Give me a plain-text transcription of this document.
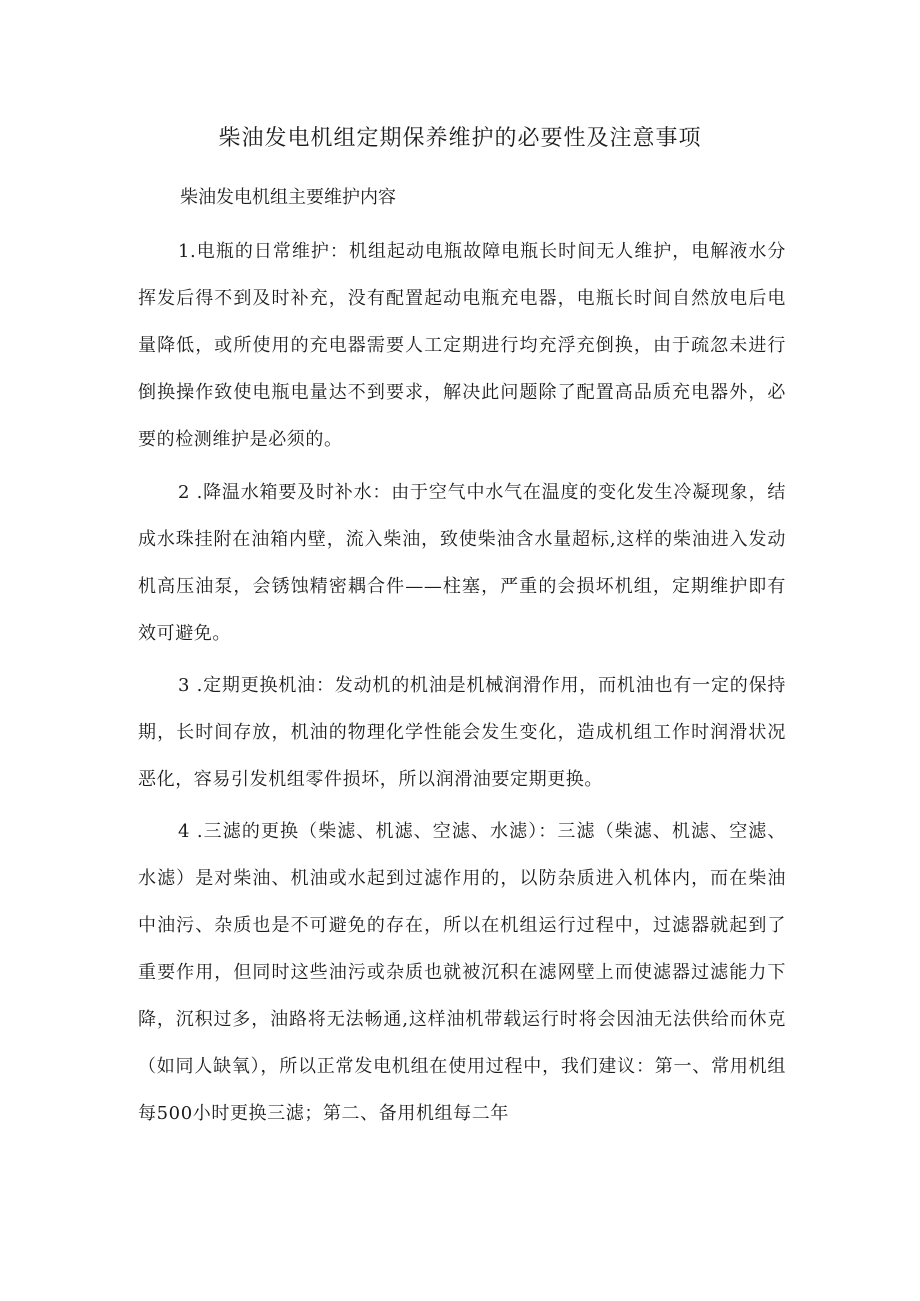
柴油发电机组定期保养维护的必要性及注意事项

柴油发电机组主要维护内容

1.电瓶的日常维护：机组起动电瓶故障电瓶长时间无人维护，电解液水分挥发后得不到及时补充，没有配置起动电瓶充电器，电瓶长时间自然放电后电量降低，或所使用的充电器需要人工定期进行均充浮充倒换，由于疏忽未进行倒换操作致使电瓶电量达不到要求，解决此问题除了配置高品质充电器外，必要的检测维护是必须的。

2 .降温水箱要及时补水：由于空气中水气在温度的变化发生冷凝现象，结成水珠挂附在油箱内壁，流入柴油，致使柴油含水量超标,这样的柴油进入发动机高压油泵，会锈蚀精密耦合件——柱塞，严重的会损坏机组，定期维护即有效可避免。

3 .定期更换机油：发动机的机油是机械润滑作用，而机油也有一定的保持期，长时间存放，机油的物理化学性能会发生变化，造成机组工作时润滑状况恶化，容易引发机组零件损坏，所以润滑油要定期更换。

4 .三滤的更换（柴滤、机滤、空滤、水滤）：三滤（柴滤、机滤、空滤、水滤）是对柴油、机油或水起到过滤作用的，以防杂质进入机体内，而在柴油中油污、杂质也是不可避免的存在，所以在机组运行过程中，过滤器就起到了重要作用，但同时这些油污或杂质也就被沉积在滤网壁上而使滤器过滤能力下降，沉积过多，油路将无法畅通,这样油机带载运行时将会因油无法供给而休克（如同人缺氧），所以正常发电机组在使用过程中，我们建议：第一、常用机组每500小时更换三滤；第二、备用机组每二年
